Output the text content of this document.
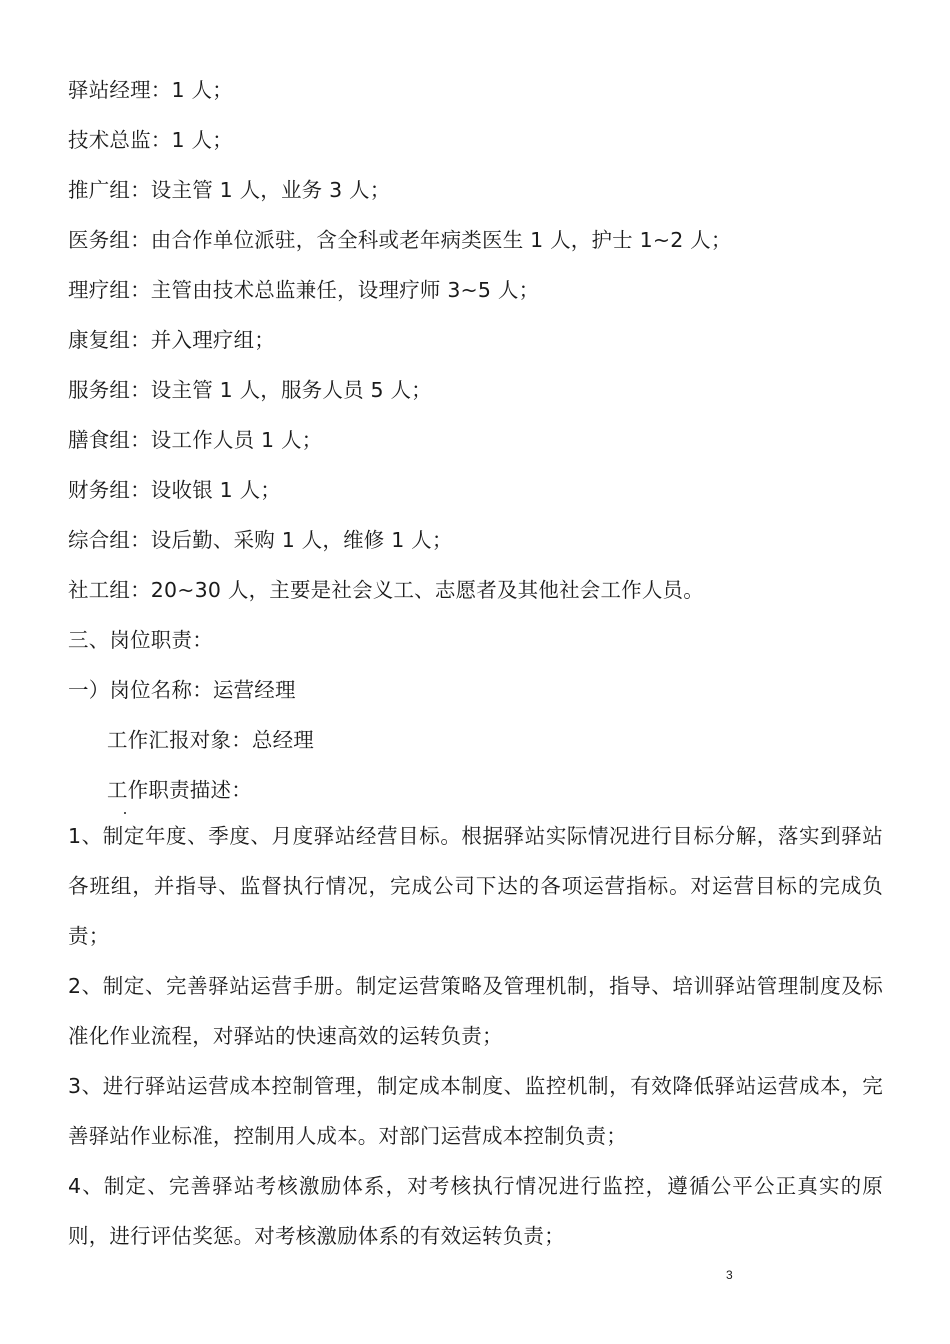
驿站经理：1 人；
技术总监：1 人；
推广组：设主管 1 人，业务 3 人；
医务组：由合作单位派驻，含全科或老年病类医生 1 人，护士 1~2 人；
理疗组：主管由技术总监兼任，设理疗师 3~5 人；
康复组：并入理疗组；
服务组：设主管 1 人，服务人员 5 人；
膳食组：设工作人员 1 人；
财务组：设收银 1 人；
综合组：设后勤、采购 1 人，维修 1 人；
社工组：20~30 人，主要是社会义工、志愿者及其他社会工作人员。
三、岗位职责：
一）岗位名称：运营经理
工作汇报对象：总经理
工作职责描述：

1、制定年度、季度、月度驿站经营目标。根据驿站实际情况进行目标分解，落实到驿站各班组，并指导、监督执行情况，完成公司下达的各项运营指标。对运营目标的完成负责；

2、制定、完善驿站运营手册。制定运营策略及管理机制，指导、培训驿站管理制度及标准化作业流程，对驿站的快速高效的运转负责；

3、进行驿站运营成本控制管理，制定成本制度、监控机制，有效降低驿站运营成本，完善驿站作业标准，控制用人成本。对部门运营成本控制负责；

4、制定、完善驿站考核激励体系，对考核执行情况进行监控，遵循公平公正真实的原则，进行评估奖惩。对考核激励体系的有效运转负责；

3
